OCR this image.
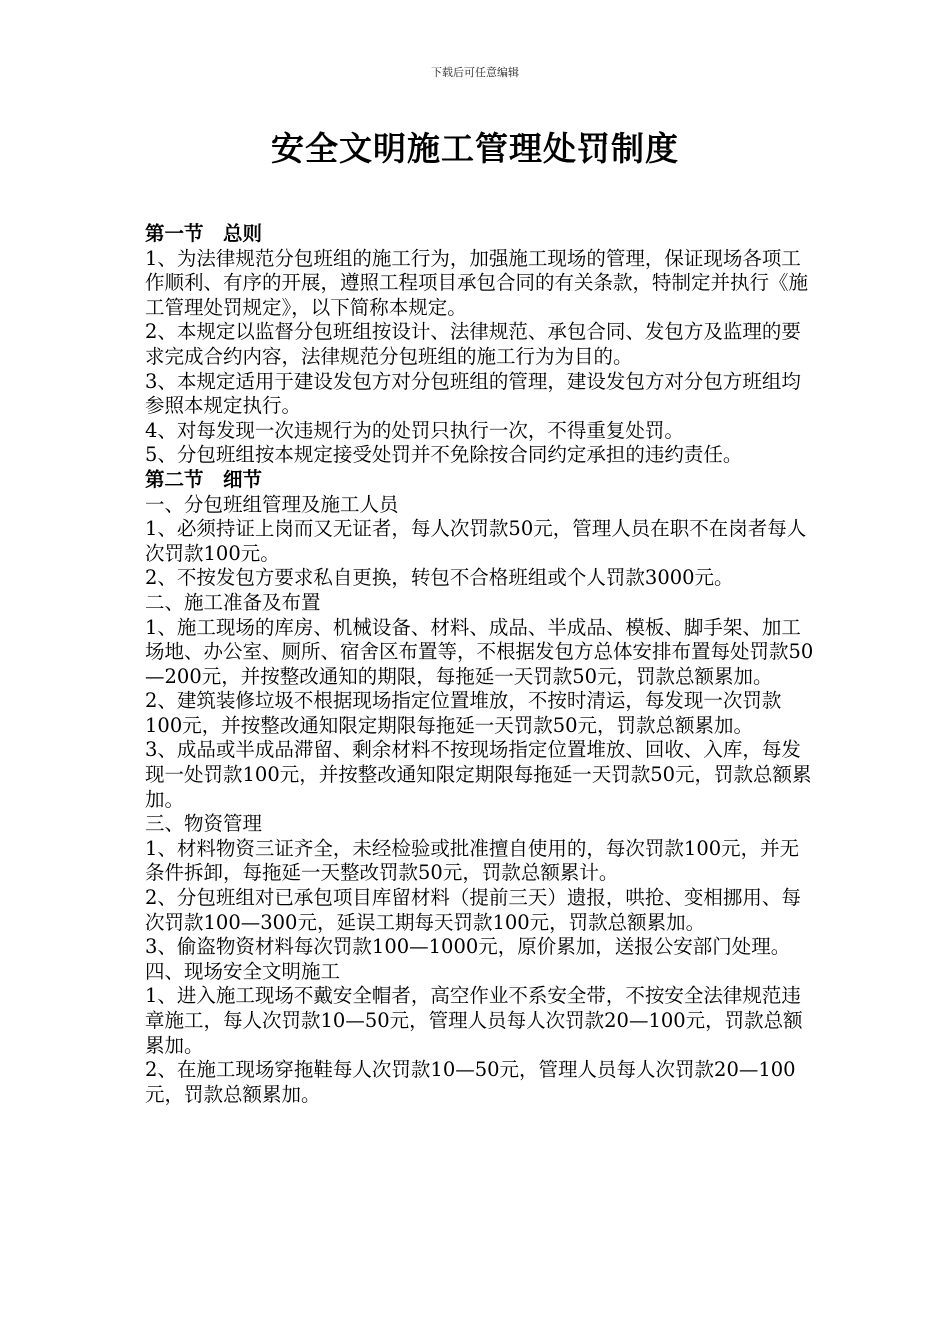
下载后可任意编辑
安全文明施工管理处罚制度

第一节　总则

1、为法律规范分包班组的施工行为，加强施工现场的管理，保证现场各项工作顺利、有序的开展，遵照工程项目承包合同的有关条款，特制定并执行《施工管理处罚规定》，以下简称本规定。

2、本规定以监督分包班组按设计、法律规范、承包合同、发包方及监理的要求完成合约内容，法律规范分包班组的施工行为为目的。

3、本规定适用于建设发包方对分包班组的管理，建设发包方对分包方班组均参照本规定执行。

4、对每发现一次违规行为的处罚只执行一次，不得重复处罚。

5、分包班组按本规定接受处罚并不免除按合同约定承担的违约责任。

第二节　细节

一、分包班组管理及施工人员

1、必须持证上岗而又无证者，每人次罚款50元，管理人员在职不在岗者每人次罚款100元。

2、不按发包方要求私自更换，转包不合格班组或个人罚款3000元。

二、施工准备及布置

1、施工现场的库房、机械设备、材料、成品、半成品、模板、脚手架、加工场地、办公室、厕所、宿舍区布置等，不根据发包方总体安排布置每处罚款50—200元，并按整改通知的期限，每拖延一天罚款50元，罚款总额累加。

2、建筑装修垃圾不根据现场指定位置堆放，不按时清运，每发现一次罚款100元，并按整改通知限定期限每拖延一天罚款50元，罚款总额累加。

3、成品或半成品滞留、剩余材料不按现场指定位置堆放、回收、入库，每发现一处罚款100元，并按整改通知限定期限每拖延一天罚款50元，罚款总额累加。

三、物资管理

1、材料物资三证齐全，未经检验或批准擅自使用的，每次罚款100元，并无条件拆卸，每拖延一天整改罚款50元，罚款总额累计。

2、分包班组对已承包项目库留材料（提前三天）遗报，哄抢、变相挪用、每次罚款100—300元，延误工期每天罚款100元，罚款总额累加。

3、偷盗物资材料每次罚款100—1000元，原价累加，送报公安部门处理。

四、现场安全文明施工

1、进入施工现场不戴安全帽者，高空作业不系安全带，不按安全法律规范违章施工，每人次罚款10—50元，管理人员每人次罚款20—100元，罚款总额累加。

2、在施工现场穿拖鞋每人次罚款10—50元，管理人员每人次罚款20—100元，罚款总额累加。
